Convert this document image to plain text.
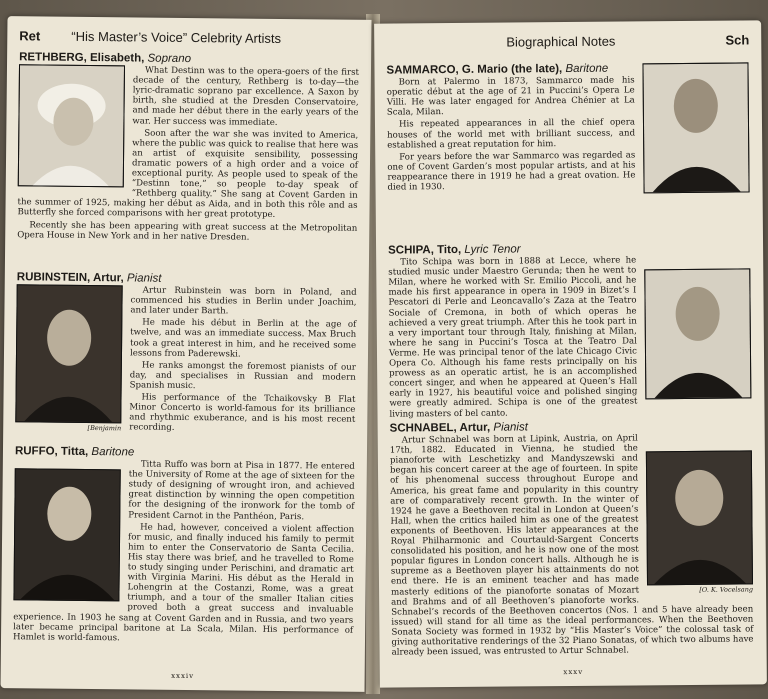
Ret “His Master’s Voice” Celebrity Artists
RETHBERG, Elisabeth, Soprano

What Destinn was to the opera-goers of the first decade of the century, Rethberg is to-day—the lyric-dramatic soprano par excellence. A Saxon by birth, she studied at the Dresden Conservatoire, and made her début there in the early years of the war. Her success was immediate.

Soon after the war she was invited to America, where the public was quick to realise that here was an artist of exquisite sensibility, possessing dramatic powers of a high order and a voice of exceptional purity. As people used to speak of the “Destinn tone,” so people to-day speak of “Rethberg quality.” She sang at Covent Garden in the summer of 1925, making her début as Aida, and in both this rôle and as Butterfly she forced comparisons with her great prototype.

Recently she has been appearing with great success at the Metropolitan Opera House in New York and in her native Dresden.

RUBINSTEIN, Artur, Pianist
[Benjamin

Artur Rubinstein was born in Poland, and commenced his studies in Berlin under Joachim, and later under Barth.

He made his début in Berlin at the age of twelve, and was an immediate success. Max Bruch took a great interest in him, and he received some lessons from Paderewski.

He ranks amongst the foremost pianists of our day, and specialises in Russian and modern Spanish music.

His performance of the Tchaikovsky B Flat Minor Concerto is world-famous for its brilliance and rhythmic exuberance, and is his most recent recording.

RUFFO, Titta, Baritone

Titta Ruffo was born at Pisa in 1877. He entered the University of Rome at the age of sixteen for the study of designing of wrought iron, and achieved great distinction by winning the open competition for the designing of the ironwork for the tomb of President Carnot in the Panthéon, Paris.

He had, however, conceived a violent affection for music, and finally induced his family to permit him to enter the Conservatorio de Santa Cecilia. His stay there was brief, and he travelled to Rome to study singing under Perischini, and dramatic art with Virginia Marini. His début as the Herald in Lohengrin at the Costanzi, Rome, was a great triumph, and a tour of the smaller Italian cities proved both a great success and invaluable experience. In 1903 he sang at Covent Garden and in Russia, and two years later became principal baritone at La Scala, Milan. His performance of Hamlet is world-famous.

xxxiv
Biographical Notes	Sch
SAMMARCO, G. Mario (the late), Baritone

Born at Palermo in 1873, Sammarco made his operatic début at the age of 21 in Puccini’s Opera Le Villi. He was later engaged for Andrea Chénier at La Scala, Milan.

His repeated appearances in all the chief opera houses of the world met with brilliant success, and established a great reputation for him.

For years before the war Sammarco was regarded as one of Covent Garden’s most popular artists, and at his reappearance there in 1919 he had a great ovation. He died in 1930.

SCHIPA, Tito, Lyric Tenor

Tito Schipa was born in 1888 at Lecce, where he studied music under Maestro Gerunda; then he went to Milan, where he worked with Sr. Emilio Piccoli, and he made his first appearance in opera in 1909 in Bizet’s I Pescatori di Perle and Leoncavallo’s Zaza at the Teatro Sociale of Cremona, in both of which operas he achieved a very great triumph. After this he took part in a very important tour through Italy, finishing at Milan, where he sang in Puccini’s Tosca at the Teatro Dal Verme. He was principal tenor of the late Chicago Civic Opera Co. Although his fame rests principally on his prowess as an operatic artist, he is an accomplished concert singer, and when he appeared at Queen’s Hall early in 1927, his beautiful voice and polished singing were greatly admired. Schipa is one of the greatest living masters of bel canto.

SCHNABEL, Artur, Pianist
[O. K. Vocelsang

Artur Schnabel was born at Lipink, Austria, on April 17th, 1882. Educated in Vienna, he studied the pianoforte with Leschetizky and Mandyszewski and began his concert career at the age of fourteen. In spite of his phenomenal success throughout Europe and America, his great fame and popularity in this country are of comparatively recent growth. In the winter of 1924 he gave a Beethoven recital in London at Queen’s Hall, when the critics hailed him as one of the greatest exponents of Beethoven. His later appearances at the Royal Philharmonic and Courtauld-Sargent Concerts consolidated his position, and he is now one of the most popular figures in London concert halls. Although he is supreme as a Beethoven player his attainments do not end there. He is an eminent teacher and has made masterly editions of the pianoforte sonatas of Mozart and Brahms and of all Beethoven’s pianoforte works. Schnabel’s records of the Beethoven concertos (Nos. 1 and 5 have already been issued) will stand for all time as the ideal performances. When the Beethoven Sonata Society was formed in 1932 by “His Master’s Voice” the colossal task of giving authoritative renderings of the 32 Piano Sonatas, of which two albums have already been issued, was entrusted to Artur Schnabel.

xxxv
